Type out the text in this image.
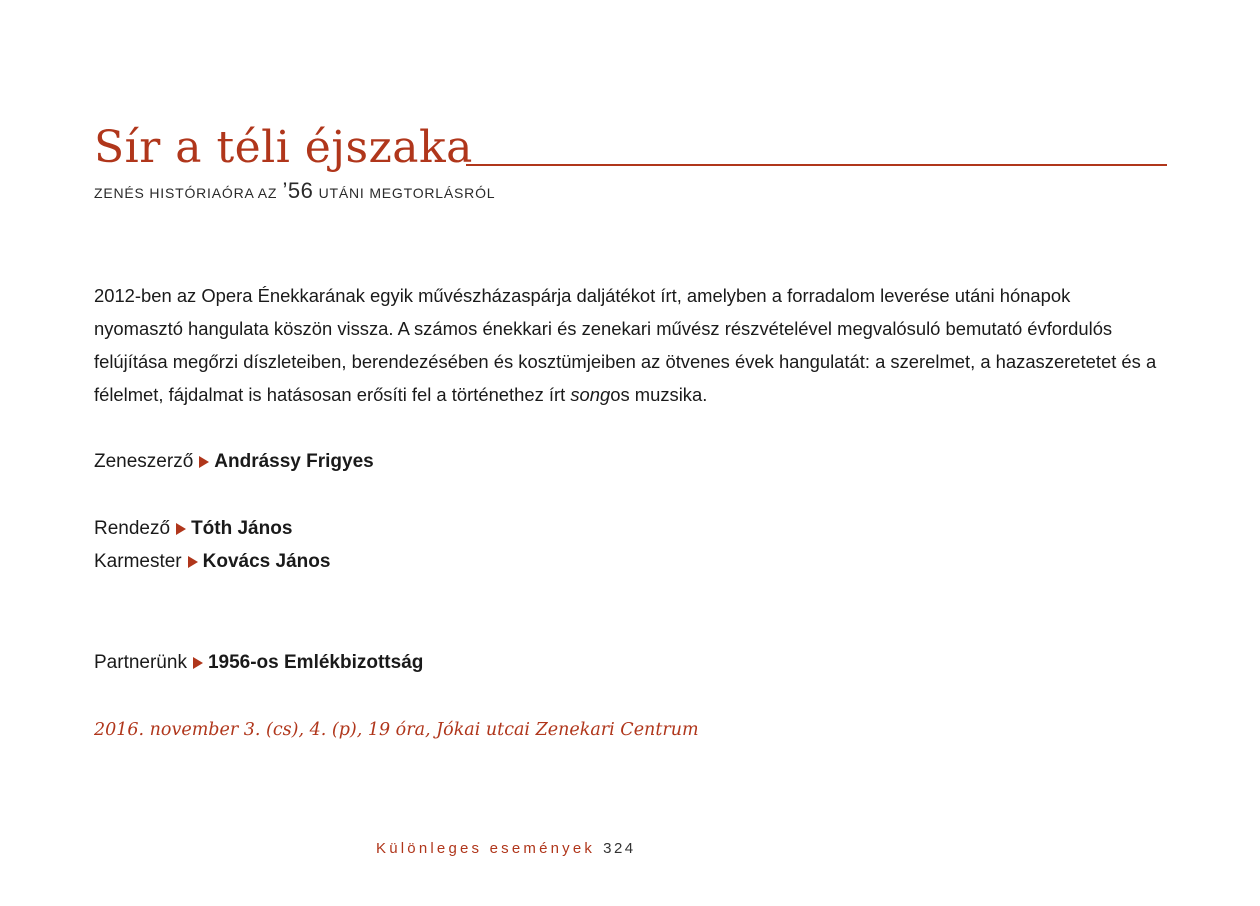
Sír a téli éjszaka
ZENÉS HISTÓRIAÓRA AZ ’56 UTÁNI MEGTORLÁSRÓL

2012-ben az Opera Énekkarának egyik művészházaspárja daljátékot írt, amelyben a forradalom leverése utáni hónapok nyomasztó hangulata köszön vissza. A számos énekkari és zenekari művész részvételével megvalósuló bemutató évfordulós felújítása megőrzi díszleteiben, berendezésében és kosztümjeiben az ötvenes évek hangulatát: a szerelmet, a hazaszeretetet és a félelmet, fájdalmat is hatásosan erősíti fel a történethez írt songos muzsika.

Zeneszerző Andrássy Frigyes
Rendező Tóth János
Karmester Kovács János
Partnerünk 1956-os Emlékbizottság
2016. november 3. (cs), 4. (p), 19 óra, Jókai utcai Zenekari Centrum
Különleges események 324
